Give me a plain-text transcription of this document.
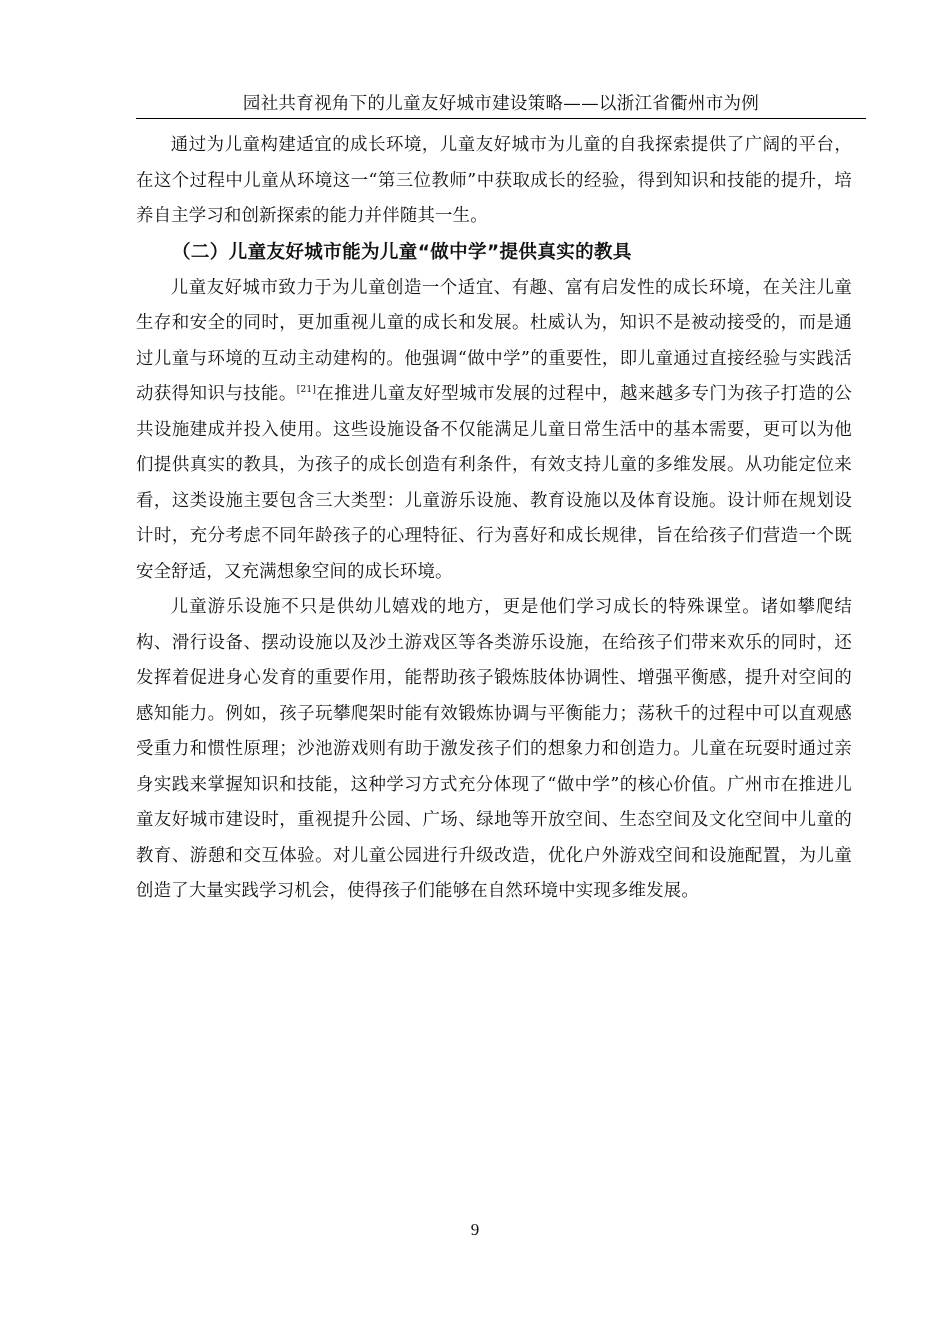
园社共育视角下的儿童友好城市建设策略——以浙江省衢州市为例

通过为儿童构建适宜的成长环境，儿童友好城市为儿童的自我探索提供了广阔的平台，在这个过程中儿童从环境这一“第三位教师”中获取成长的经验，得到知识和技能的提升，培养自主学习和创新探索的能力并伴随其一生。

（二）儿童友好城市能为儿童“做中学”提供真实的教具

儿童友好城市致力于为儿童创造一个适宜、有趣、富有启发性的成长环境，在关注儿童生存和安全的同时，更加重视儿童的成长和发展。杜威认为，知识不是被动接受的，而是通过儿童与环境的互动主动建构的。他强调“做中学”的重要性，即儿童通过直接经验与实践活动获得知识与技能。[21]在推进儿童友好型城市发展的过程中，越来越多专门为孩子打造的公共设施建成并投入使用。这些设施设备不仅能满足儿童日常生活中的基本需要，更可以为他们提供真实的教具，为孩子的成长创造有利条件，有效支持儿童的多维发展。从功能定位来看，这类设施主要包含三大类型：儿童游乐设施、教育设施以及体育设施。设计师在规划设计时，充分考虑不同年龄孩子的心理特征、行为喜好和成长规律，旨在给孩子们营造一个既安全舒适，又充满想象空间的成长环境。

儿童游乐设施不只是供幼儿嬉戏的地方，更是他们学习成长的特殊课堂。诸如攀爬结构、滑行设备、摆动设施以及沙土游戏区等各类游乐设施，在给孩子们带来欢乐的同时，还发挥着促进身心发育的重要作用，能帮助孩子锻炼肢体协调性、增强平衡感，提升对空间的感知能力。例如，孩子玩攀爬架时能有效锻炼协调与平衡能力；荡秋千的过程中可以直观感受重力和惯性原理；沙池游戏则有助于激发孩子们的想象力和创造力。儿童在玩耍时通过亲身实践来掌握知识和技能，这种学习方式充分体现了“做中学”的核心价值。广州市在推进儿童友好城市建设时，重视提升公园、广场、绿地等开放空间、生态空间及文化空间中儿童的教育、游憩和交互体验。对儿童公园进行升级改造，优化户外游戏空间和设施配置，为儿童创造了大量实践学习机会，使得孩子们能够在自然环境中实现多维发展。

9
